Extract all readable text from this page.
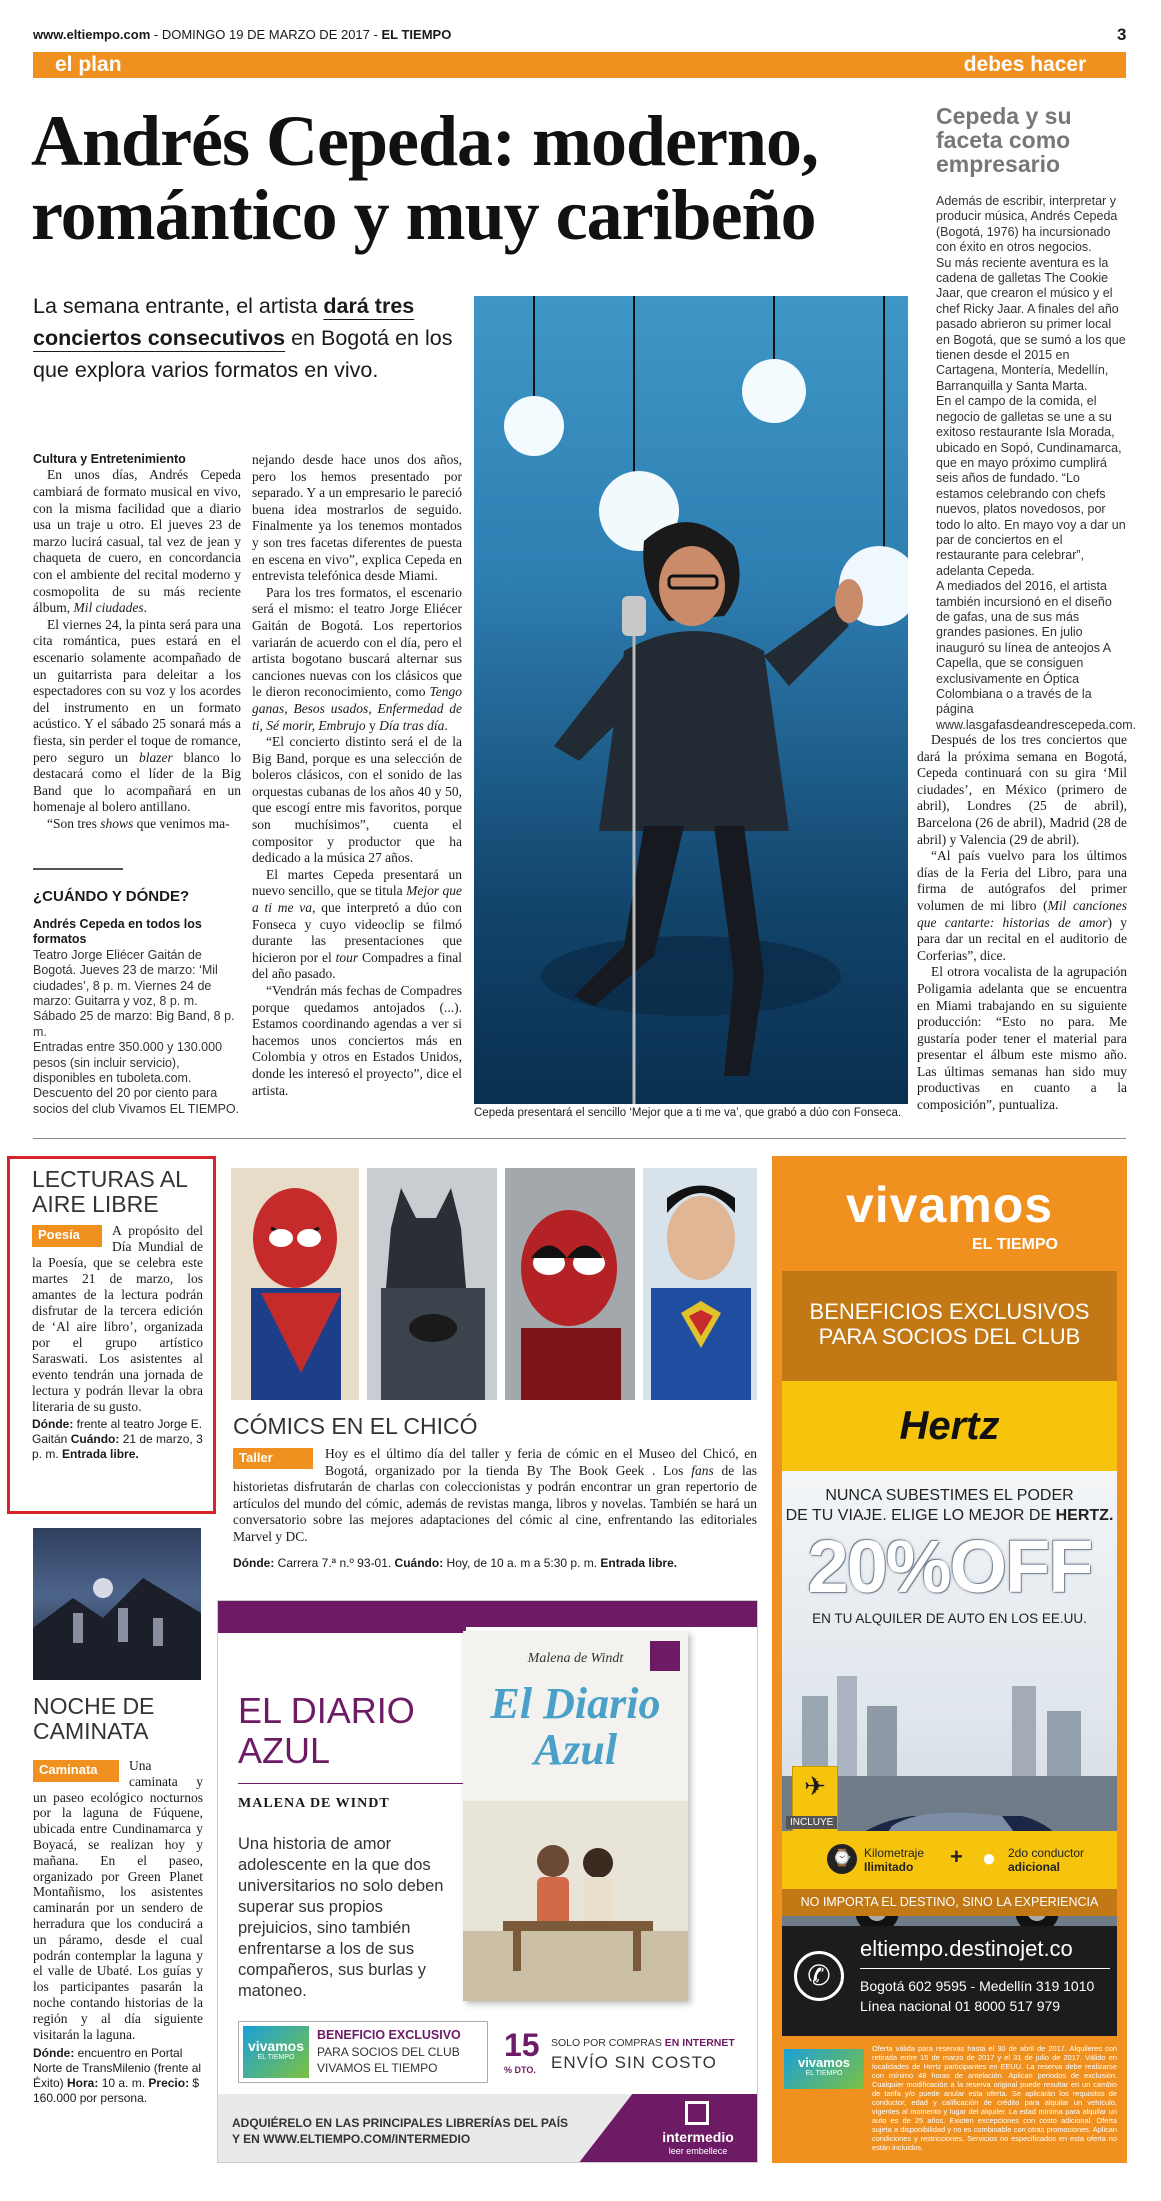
www.eltiempo.com - DOMINGO 19 DE MARZO DE 2017 - EL TIEMPO	3
el plan	debes hacer
Andrés Cepeda: moderno,
romántico y muy caribeño
La semana entrante, el artista dará tres conciertos consecutivos en Bogotá en los que explora varios formatos en vivo.
Cultura y Entretenimiento

En unos días, Andrés Cepeda cambiará de formato musical en vivo, con la misma facilidad que a diario usa un traje u otro. El jueves 23 de marzo lucirá casual, tal vez de jean y chaqueta de cuero, en concordancia con el ambiente del recital moderno y cosmopolita de su más reciente álbum, Mil ciudades.

El viernes 24, la pinta será para una cita romántica, pues estará en el escenario solamente acompañado de un guitarrista para deleitar a los espectadores con su voz y los acordes del instrumento en un formato acústico. Y el sábado 25 sonará más a fiesta, sin perder el toque de romance, pero seguro un blazer blanco lo destacará como el líder de la Big Band que lo acompañará en un homenaje al bolero antillano.

“Son tres shows que venimos ma-

¿CUÁNDO Y DÓNDE?
Andrés Cepeda en todos los formatos
Teatro Jorge Eliécer Gaitán de Bogotá. Jueves 23 de marzo: ‘Mil ciudades’, 8 p. m. Viernes 24 de marzo: Guitarra y voz, 8 p. m. Sábado 25 de marzo: Big Band, 8 p. m.
Entradas entre 350.000 y 130.000 pesos (sin incluir servicio), disponibles en tuboleta.com. Descuento del 20 por ciento para socios del club Vivamos EL TIEMPO.

nejando desde hace unos dos años, pero los hemos presentado por separado. Y a un empresario le pareció buena idea mostrarlos de seguido. Finalmente ya los tenemos montados y son tres facetas diferentes de puesta en escena en vivo”, explica Cepeda en entrevista telefónica desde Miami.

Para los tres formatos, el escenario será el mismo: el teatro Jorge Eliécer Gaitán de Bogotá. Los repertorios variarán de acuerdo con el día, pero el artista bogotano buscará alternar sus canciones nuevas con los clásicos que le dieron reconocimiento, como Tengo ganas, Besos usados, Enfermedad de ti, Sé morir, Embrujo y Día tras día.

“El concierto distinto será el de la Big Band, porque es una selección de boleros clásicos, con el sonido de las orquestas cubanas de los años 40 y 50, que escogí entre mis favoritos, porque son muchísimos”, cuenta el compositor y productor que ha dedicado a la música 27 años.

El martes Cepeda presentará un nuevo sencillo, que se titula Mejor que a ti me va, que interpretó a dúo con Fonseca y cuyo videoclip se filmó durante las presentaciones que hicieron por el tour Compadres a final del año pasado.

“Vendrán más fechas de Compadres porque quedamos antojados (...). Estamos coordinando agendas a ver si hacemos unos conciertos más en Colombia y otros en Estados Unidos, donde les interesó el proyecto”, dice el artista.

Cepeda presentará el sencillo ‘Mejor que a ti me va’, que grabó a dúo con Fonseca.
Cepeda y su faceta como empresario

Además de escribir, interpretar y producir música, Andrés Cepeda (Bogotá, 1976) ha incursionado con éxito en otros negocios.

Su más reciente aventura es la cadena de galletas The Cookie Jaar, que crearon el músico y el chef Ricky Jaar. A finales del año pasado abrieron su primer local en Bogotá, que se sumó a los que tienen desde el 2015 en Cartagena, Montería, Medellín, Barranquilla y Santa Marta.

En el campo de la comida, el negocio de galletas se une a su exitoso restaurante Isla Morada, ubicado en Sopó, Cundinamarca, que en mayo próximo cumplirá seis años de fundado. “Lo estamos celebrando con chefs nuevos, platos novedosos, por todo lo alto. En mayo voy a dar un par de conciertos en el restaurante para celebrar”, adelanta Cepeda.

A mediados del 2016, el artista también incursionó en el diseño de gafas, una de sus más grandes pasiones. En julio inauguró su línea de anteojos A Capella, que se consiguen exclusivamente en Óptica Colombiana o a través de la página www.lasgafasdeandrescepeda.com.

Después de los tres conciertos que dará la próxima semana en Bogotá, Cepeda continuará con su gira ‘Mil ciudades’, en México (primero de abril), Londres (25 de abril), Barcelona (26 de abril), Madrid (28 de abril) y Valencia (29 de abril).

“Al país vuelvo para los últimos días de la Feria del Libro, para una firma de autógrafos del primer volumen de mi libro (Mil canciones que cantarte: historias de amor) y para dar un recital en el auditorio de Corferias”, dice.

El otrora vocalista de la agrupación Poligamia adelanta que se encuentra en Miami trabajando en su siguiente producción: “Esto no para. Me gustaría poder tener el material para presentar el álbum este mismo año. Las últimas semanas han sido muy productivas en cuanto a la composición”, puntualiza.

LECTURAS AL
AIRE LIBRE
Poesía	A propósito del Día Mundial de la Poesía, que se celebra este martes 21 de marzo, los amantes de la lectura podrán disfrutar de la tercera edición de ‘Al aire libro’, organizada por el grupo artístico Saraswati. Los asistentes al evento tendrán una jornada de lectura y podrán llevar la obra literaria de su gusto.
Dónde: frente al teatro Jorge E. Gaitán Cuándo: 21 de marzo, 3 p. m. Entrada libre.
CÓMICS EN EL CHICÓ
Taller	Hoy es el último día del taller y feria de cómic en el Museo del Chicó, en Bogotá, organizado por la tienda By The Book Geek . Los fans de las historietas disfrutarán de charlas con coleccionistas y podrán encontrar un gran repertorio de artículos del mundo del cómic, además de revistas manga, libros y novelas. También se hará un conversatorio sobre las mejores adaptaciones del cómic al cine, enfrentando las editoriales Marvel y DC.
Dónde: Carrera 7.ª n.º 93-01. Cuándo: Hoy, de 10 a. m a 5:30 p. m. Entrada libre.
NOCHE DE
CAMINATA
Caminata	Una caminata y un paseo ecológico nocturnos por la laguna de Fúquene, ubicada entre Cundinamarca y Boyacá, se realizan hoy y mañana. En el paseo, organizado por Green Planet Montañismo, los asistentes caminarán por un sendero de herradura que los conducirá a un páramo, desde el cual podrán contemplar la laguna y el valle de Ubaté. Los guías y los participantes pasarán la noche contando historias de la región y al día siguiente visitarán la laguna.
Dónde: encuentro en Portal Norte de TransMilenio (frente al Éxito) Hora: 10 a. m. Precio: $ 160.000 por persona.
EL DIARIO
AZUL
MALENA DE WINDT
Una historia de amor adolescente en la que dos universitarios no solo deben superar sus propios prejuicios, sino también enfrentarse a los de sus compañeros, sus burlas y matoneo.
Malena de Windt
El Diario
Azul
vivamos
EL TIEMPO
BENEFICIO EXCLUSIVO
PARA SOCIOS DEL CLUB
VIVAMOS EL TIEMPO
15
% DTO.
SOLO POR COMPRAS EN INTERNET
ENVÍO SIN COSTO
ADQUIÉRELO EN LAS PRINCIPALES LIBRERÍAS DEL PAÍS
Y EN WWW.ELTIEMPO.COM/INTERMEDIO	intermedio
leer embellece
vivamos
EL TIEMPO
BENEFICIOS EXCLUSIVOS
PARA SOCIOS DEL CLUB
Hertz
NUNCA SUBESTIMES EL PODER
DE TU VIAJE. ELIGE LO MEJOR DE HERTZ.
20%OFF
EN TU ALQUILER DE AUTO EN LOS EE.UU.
✈
INCLUYE
⌚	Kilometraje
Ilimitado	+ ● 2do conductor
adicional
NO IMPORTA EL DESTINO, SINO LA EXPERIENCIA
✆
eltiempo.destinojet.co
Bogotá 602 9595 - Medellín 319 1010
Línea nacional 01 8000 517 979
vivamos
EL TIEMPO
Oferta válida para reservas hasta el 30 de abril de 2017. Alquileres con retirada entre 15 de marzo de 2017 y el 31 de julio de 2017. Válido en localidades de Hertz participantes en EEUU. La reserva debe realizarse con mínimo 48 horas de antelación. Aplican periodos de exclusión. Cualquier modificación a la reserva original puede resultar en un cambio de tarifa y/o puede anular esta oferta. Se aplicarán los requisitos de conductor, edad y calificación de crédito para alquilar un vehículo, vigentes al momento y lugar del alquiler. La edad mínima para alquilar un auto es de 25 años. Existen excepciones con costo adicional. Oferta sujeta a disponibilidad y no es combinable con otras promociones. Aplican condiciones y restricciones. Servicios no especificados en esta oferta no están incluidos.
